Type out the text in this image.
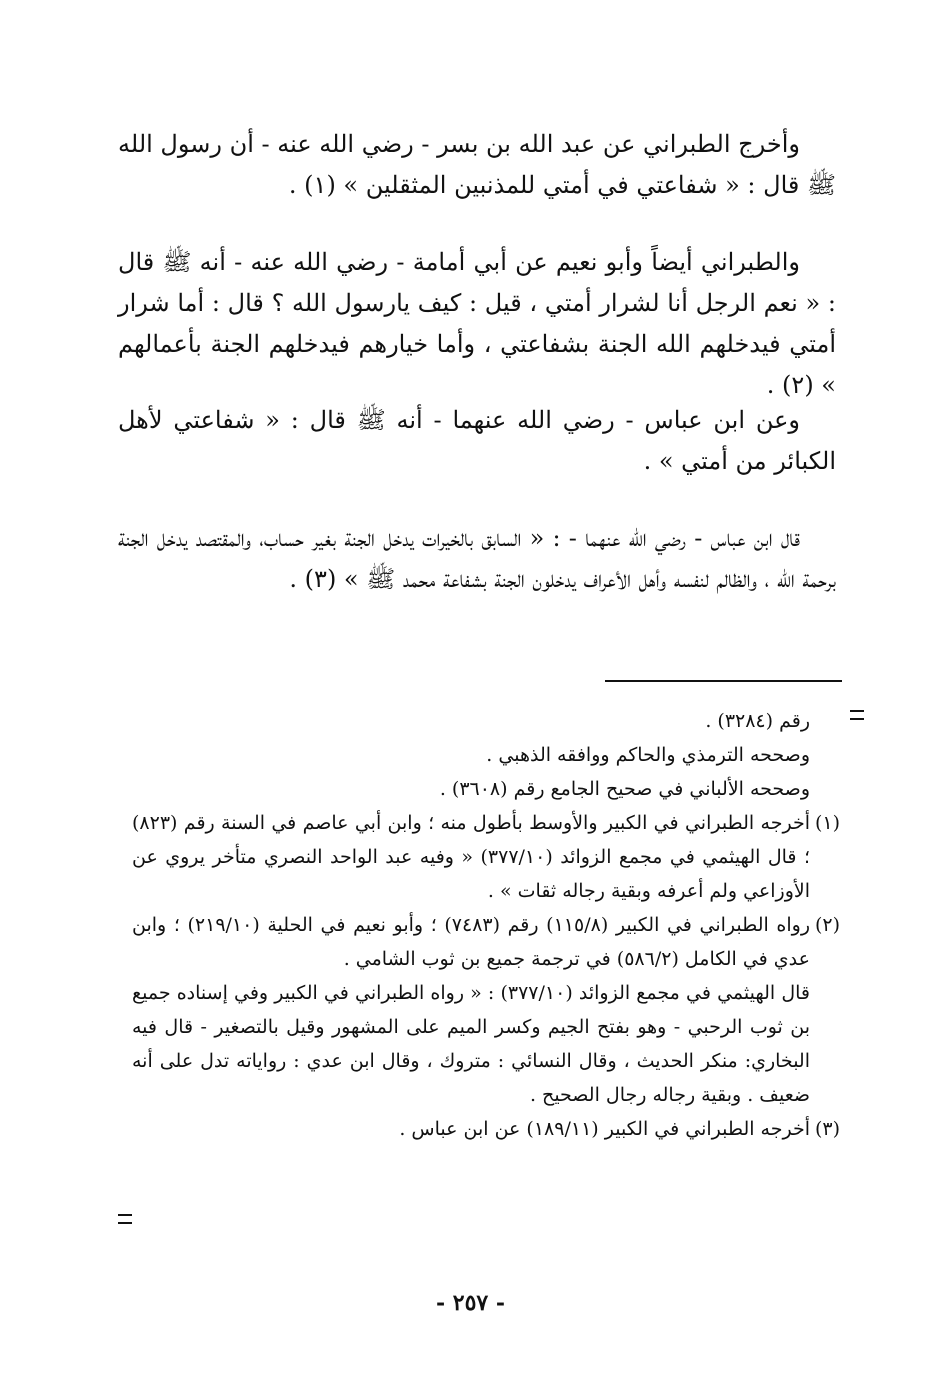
وأخرج الطبراني عن عبد الله بن بسر - رضي الله عنه - أن رسول الله ﷺ قال : « شفاعتي في أمتي للمذنبين المثقلين » (١) .

والطبراني أيضاً وأبو نعيم عن أبي أمامة - رضي الله عنه - أنه ﷺ قال : « نعم الرجل أنا لشرار أمتي ، قيل : كيف يارسول الله ؟ قال : أما شرار أمتي فيدخلهم الله الجنة بشفاعتي ، وأما خيارهم فيدخلهم الجنة بأعمالهم » (٢) .

وعن ابن عباس - رضي الله عنهما - أنه ﷺ قال : « شفاعتي لأهل الكبائر من أمتي » .

قال ابن عباس - رضي الله عنهما - : « السابق بالخيرات يدخل الجنة بغير حساب، والمقتصد يدخل الجنة برحمة الله ، والظالم لنفسه وأهل الأعراف يدخلون الجنة بشفاعة محمد ﷺ » (٣) .

رقم (٣٢٨٤) .

وصححه الترمذي والحاكم ووافقه الذهبي .

وصححه الألباني في صحيح الجامع رقم (٣٦٠٨) .

(١)

أخرجه الطبراني في الكبير والأوسط بأطول منه ؛ وابن أبي عاصم في السنة رقم (٨٢٣) ؛ قال الهيثمي في مجمع الزوائد (٣٧٧/١٠) « وفيه عبد الواحد النصري متأخر يروي عن الأوزاعي ولم أعرفه وبقية رجاله ثقات » .

(٢)

رواه الطبراني في الكبير (١١٥/٨) رقم (٧٤٨٣) ؛ وأبو نعيم في الحلية (٢١٩/١٠) ؛ وابن عدي في الكامل (٥٨٦/٢) في ترجمة جميع بن ثوب الشامي .

قال الهيثمي في مجمع الزوائد (٣٧٧/١٠) : « رواه الطبراني في الكبير وفي إسناده جميع بن ثوب الرحبي - وهو بفتح الجيم وكسر الميم على المشهور وقيل بالتصغير - قال فيه البخاري: منكر الحديث ، وقال النسائي : متروك ، وقال ابن عدي : رواياته تدل على أنه ضعيف . وبقية رجاله رجال الصحيح .

(٣)

أخرجه الطبراني في الكبير (١٨٩/١١) عن ابن عباس .

- ٢٥٧ -
